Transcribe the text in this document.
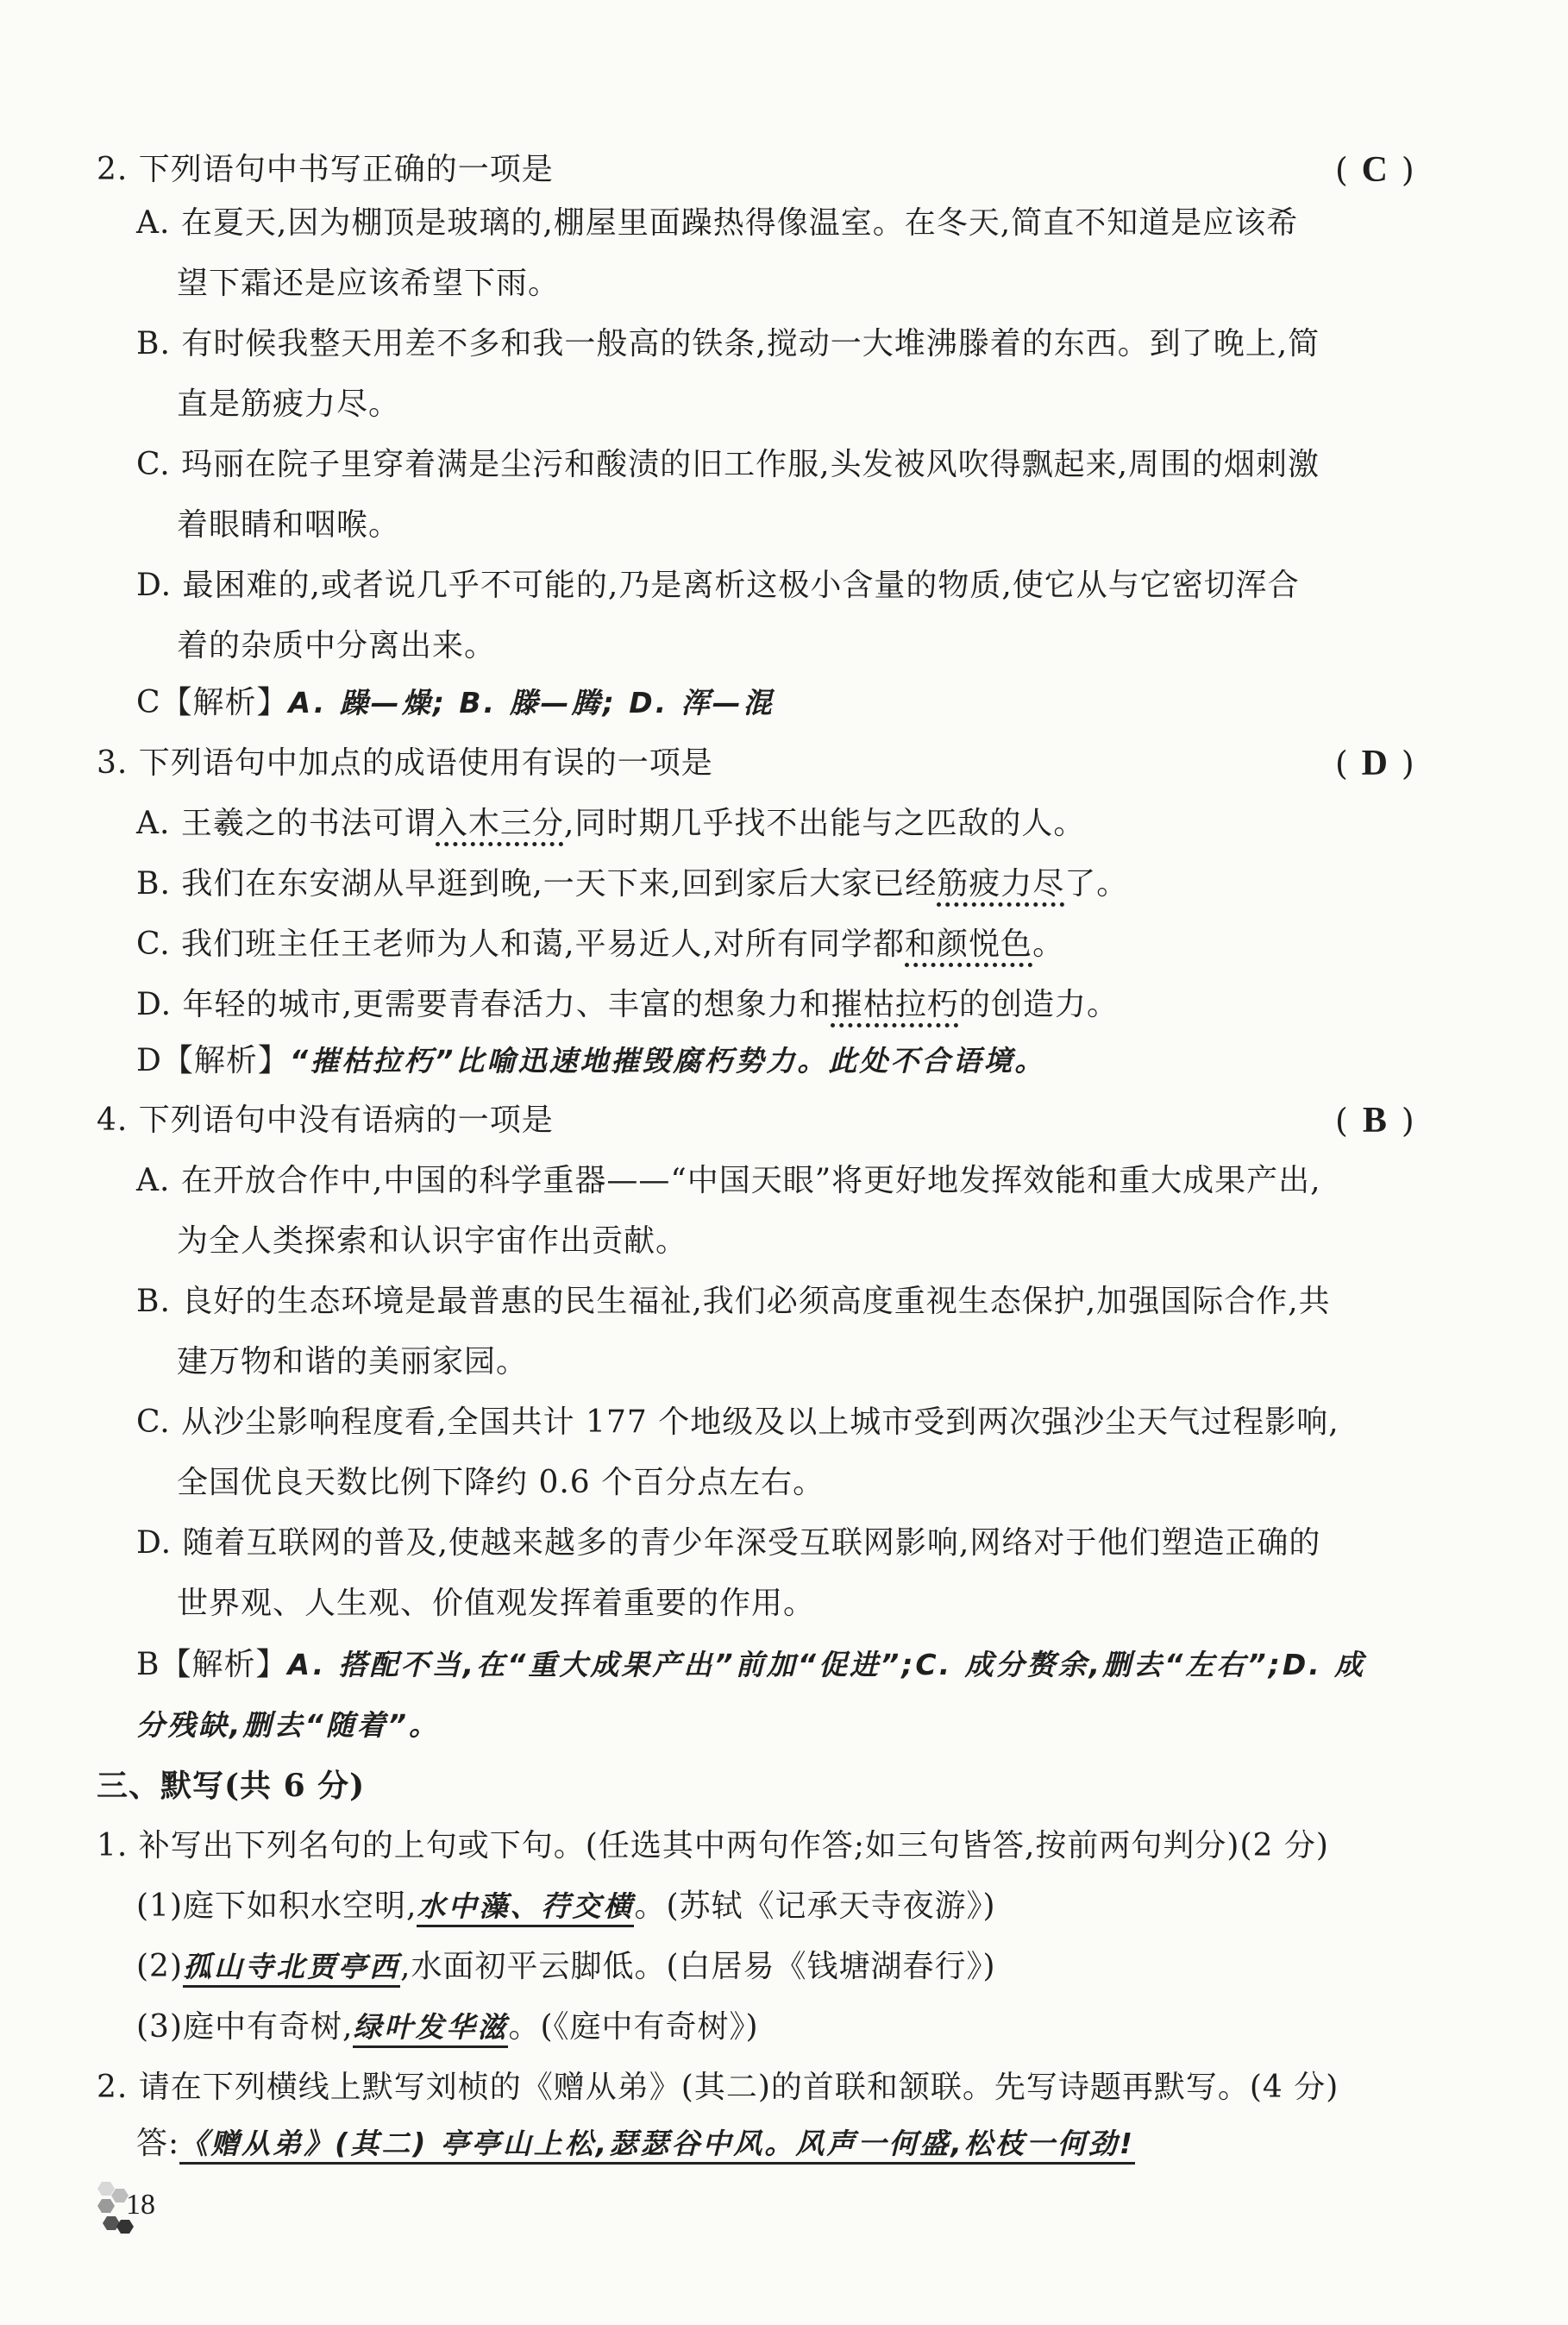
2. 下列语句中书写正确的一项是	( C )
A. 在夏天,因为棚顶是玻璃的,棚屋里面躁热得像温室。在冬天,简直不知道是应该希
望下霜还是应该希望下雨。
B. 有时候我整天用差不多和我一般高的铁条,搅动一大堆沸滕着的东西。到了晚上,简
直是筋疲力尽。
C. 玛丽在院子里穿着满是尘污和酸渍的旧工作服,头发被风吹得飘起来,周围的烟刺激
着眼睛和咽喉。
D. 最困难的,或者说几乎不可能的,乃是离析这极小含量的物质,使它从与它密切浑合
着的杂质中分离出来。
C【解析】A. 躁—燥; B. 滕—腾; D. 浑—混
3. 下列语句中加点的成语使用有误的一项是	( D )
A. 王羲之的书法可谓入木三分,同时期几乎找不出能与之匹敌的人。
B. 我们在东安湖从早逛到晚,一天下来,回到家后大家已经筋疲力尽了。
C. 我们班主任王老师为人和蔼,平易近人,对所有同学都和颜悦色。
D. 年轻的城市,更需要青春活力、丰富的想象力和摧枯拉朽的创造力。
D【解析】“摧枯拉朽”比喻迅速地摧毁腐朽势力。此处不合语境。
4. 下列语句中没有语病的一项是	( B )
A. 在开放合作中,中国的科学重器——“中国天眼”将更好地发挥效能和重大成果产出,
为全人类探索和认识宇宙作出贡献。
B. 良好的生态环境是最普惠的民生福祉,我们必须高度重视生态保护,加强国际合作,共
建万物和谐的美丽家园。
C. 从沙尘影响程度看,全国共计 177 个地级及以上城市受到两次强沙尘天气过程影响,
全国优良天数比例下降约 0.6 个百分点左右。
D. 随着互联网的普及,使越来越多的青少年深受互联网影响,网络对于他们塑造正确的
世界观、人生观、价值观发挥着重要的作用。
B【解析】A. 搭配不当,在“重大成果产出”前加“促进”;C. 成分赘余,删去“左右”;D. 成
分残缺,删去“随着”。
三、默写(共 6 分)
1. 补写出下列名句的上句或下句。(任选其中两句作答;如三句皆答,按前两句判分)(2 分)
(1)庭下如积水空明,水中藻、荇交横。(苏轼《记承天寺夜游》)
(2)孤山寺北贾亭西,水面初平云脚低。(白居易《钱塘湖春行》)
(3)庭中有奇树,绿叶发华滋。(《庭中有奇树》)
2. 请在下列横线上默写刘桢的《赠从弟》(其二)的首联和颔联。先写诗题再默写。(4 分)
答:《赠从弟》(其二) 亭亭山上松,瑟瑟谷中风。风声一何盛,松枝一何劲!
18
